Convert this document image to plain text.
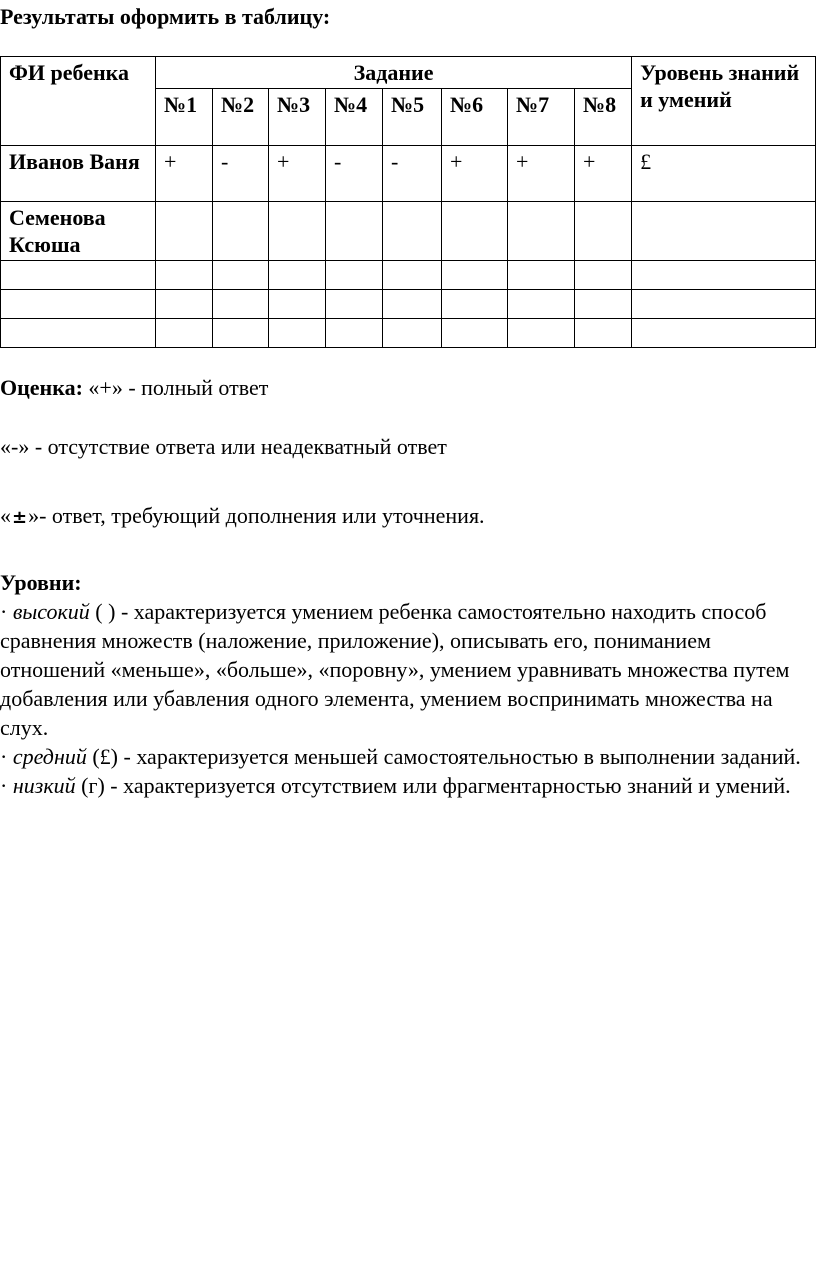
Результаты оформить в таблицу:
ФИ ребенка	Задание								Уровень знаний и умений
	№1	№2	№3	№4	№5	№6	№7	№8	
Иванов Ваня	+	-	+	-	-	+	+	+	£
Семенова Ксюша									

Оценка: «+» - полный ответ
«-» - отсутствие ответа или неадекватный ответ
«±»- ответ, требующий дополнения или уточнения.

Уровни:

· высокий ( ) - характеризуется умением ребенка самостоятельно находить способ сравнения множеств (наложение, приложение), описывать его, пониманием отношений «меньше», «больше», «поровну», умением уравнивать множества путем добавления или убавления одного элемента, умением воспринимать множества на слух.

· средний (£) - характеризуется меньшей самостоятельностью в выполнении заданий.

· низкий (г) - характеризуется отсутствием или фрагментарностью знаний и умений.
